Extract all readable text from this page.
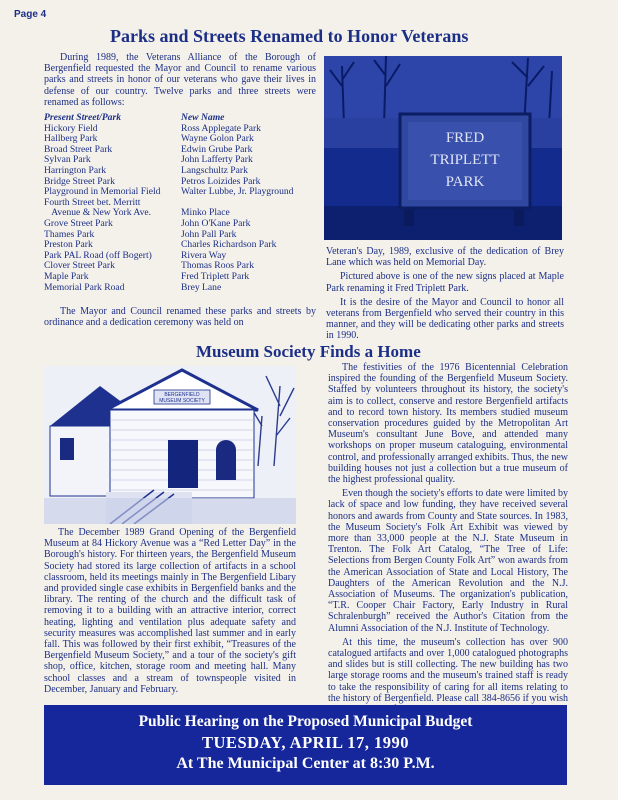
Page 4
Parks and Streets Renamed to Honor Veterans

During 1989, the Veterans Alliance of the Borough of Bergenfield requested the Mayor and Council to rename various parks and streets in honor of our veterans who gave their lives in defense of our country. Twelve parks and three streets were renamed as follows:

Present Street/Park	New Name
Hickory Field	Ross Applegate Park
Hallberg Park	Wayne Golon Park
Broad Street Park	Edwin Grube Park
Sylvan Park	John Lafferty Park
Harrington Park	Langschultz Park
Bridge Street Park	Petros Loizides Park
Playground in Memorial Field	Walter Lubbe, Jr. Playground
Fourth Street bet. Merritt	
Avenue & New York Ave.	Minko Place
Grove Street Park	John O'Kane Park
Thames Park	John Pall Park
Preston Park	Charles Richardson Park
Park PAL Road (off Bogert)	Rivera Way
Clover Street Park	Thomas Roos Park
Maple Park	Fred Triplett Park
Memorial Park Road	Brey Lane

The Mayor and Council renamed these parks and streets by ordinance and a dedication ceremony was held on

FRED
TRIPLETT
PARK

Veteran's Day, 1989, exclusive of the dedication of Brey Lane which was held on Memorial Day.

Pictured above is one of the new signs placed at Maple Park renaming it Fred Triplett Park.

It is the desire of the Mayor and Council to honor all veterans from Bergenfield who served their country in this manner, and they will be dedicating other parks and streets in 1990.

Museum Society Finds a Home
BERGENFIELD
MUSEUM SOCIETY

The December 1989 Grand Opening of the Bergenfield Museum at 84 Hickory Avenue was a “Red Letter Day” in the Borough's history. For thirteen years, the Bergenfield Museum Society had stored its large collection of artifacts in a school classroom, held its meetings mainly in The Bergenfield Libary and provided single case exhibits in Bergenfield banks and the library. The renting of the church and the difficult task of removing it to a building with an attractive interior, correct heating, lighting and ventilation plus adequate safety and security measures was accomplished last summer and in early fall. This was followed by their first exhibit, “Treasures of the Bergenfield Museum Society,” and a tour of the society's gift shop, office, kitchen, storage room and meeting hall. Many school classes and a stream of townspeople visited in December, January and February.

The festivities of the 1976 Bicentennial Celebration inspired the founding of the Bergenfield Museum Society. Staffed by volunteers throughout its history, the society's aim is to collect, conserve and restore Bergenfield artifacts and to record town history. Its members studied museum conservation procedures guided by the Metropolitan Art Museum's consultant June Bove, and attended many workshops on proper museum cataloguing, environmental control, and professionally arranged exhibits. Thus, the new building houses not just a collection but a true museum of the highest professional quality.

Even though the society's efforts to date were limited by lack of space and low funding, they have received several honors and awards from County and State sources. In 1983, the Museum Society's Folk Art Exhibit was viewed by more than 33,000 people at the N.J. State Museum in Trenton. The Folk Art Catalog, “The Tree of Life: Selections from Bergen County Folk Art” won awards from the American Association of State and Local History, The Daughters of the American Revolution and the N.J. Association of Museums. The organization's publication, “T.R. Cooper Chair Factory, Early Industry in Rural Schralenburgh” received the Author's Citation from the Alumni Association of the N.J. Institute of Technology.

At this time, the museum's collection has over 900 catalogued artifacts and over 1,000 catalogued photographs and slides but is still collecting. The new building has two large storage rooms and the museum's trained staff is ready to take the responsibility of caring for all items relating to the history of Bergenfield. Please call 384-8656 if you wish

Public Hearing on the Proposed Municipal Budget
TUESDAY, APRIL 17, 1990
At The Municipal Center at 8:30 P.M.
